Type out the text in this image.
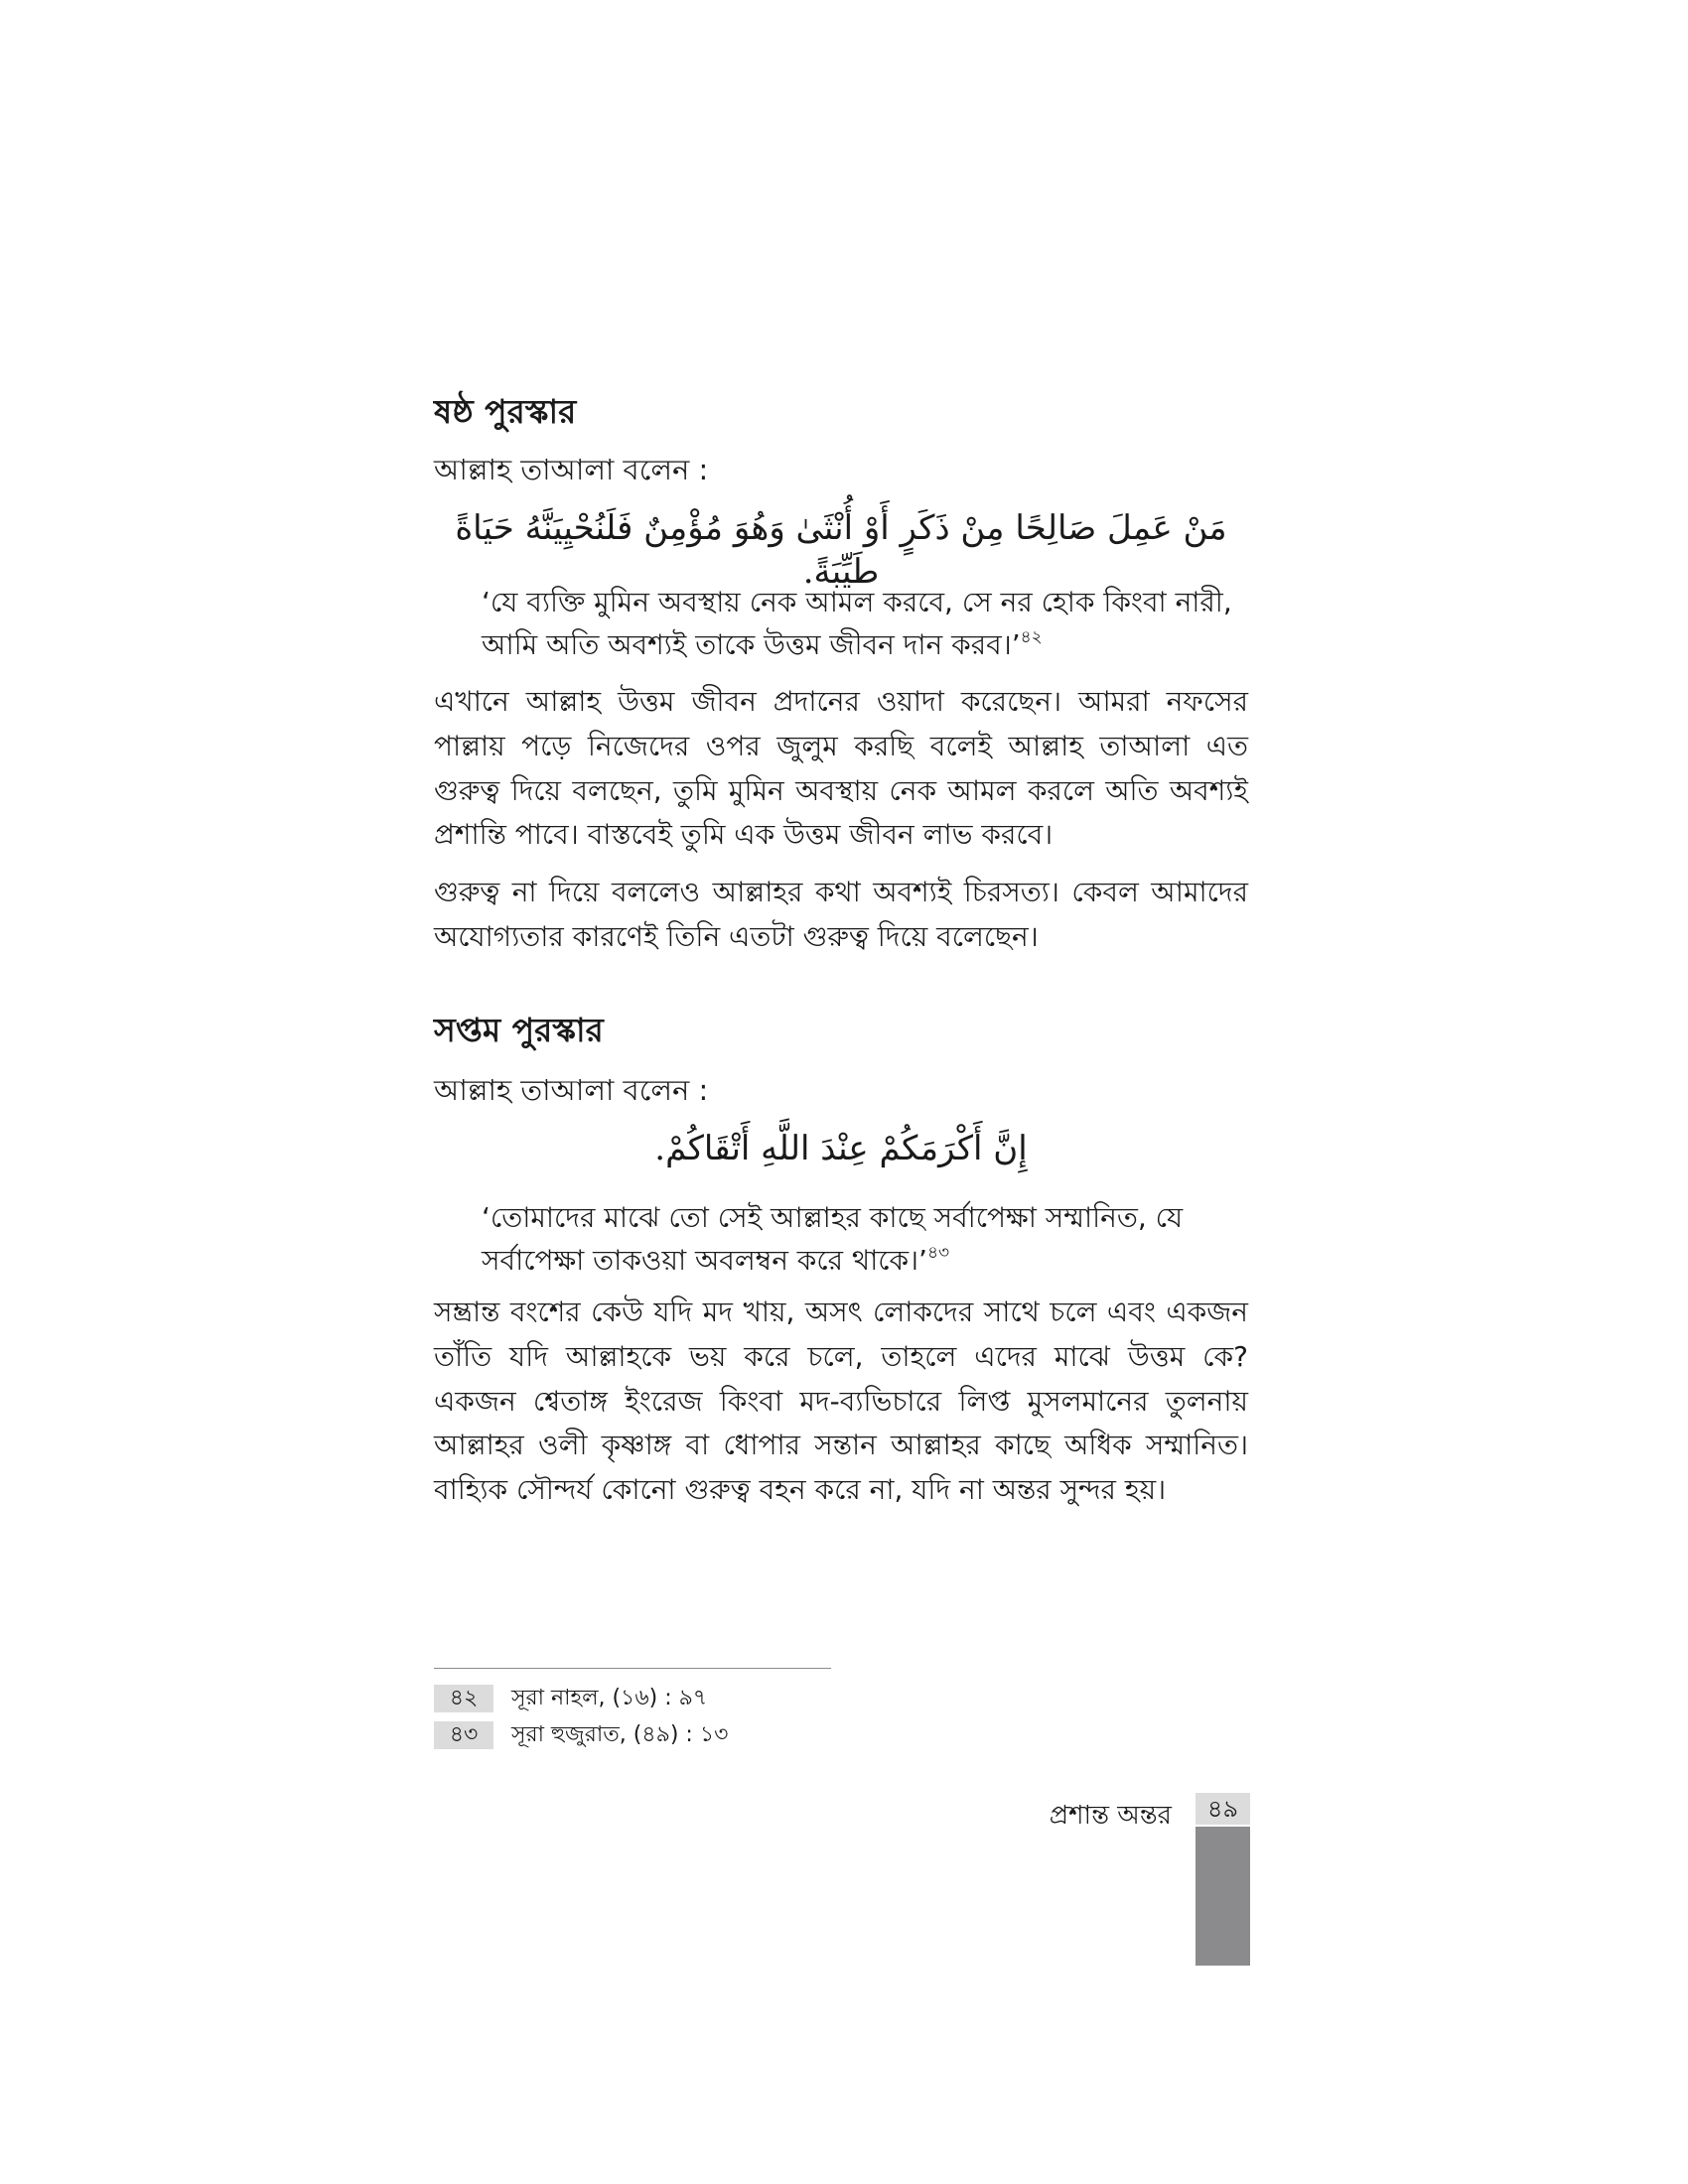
ষষ্ঠ পুরস্কার

আল্লাহ তাআলা বলেন :

مَنْ عَمِلَ صَالِحًا مِنْ ذَكَرٍ أَوْ أُنْثَىٰ وَهُوَ مُؤْمِنٌ فَلَنُحْيِيَنَّهُ حَيَاةً طَيِّبَةً.

‘যে ব্যক্তি মুমিন অবস্থায় নেক আমল করবে, সে নর হোক কিংবা নারী, আমি অতি অবশ্যই তাকে উত্তম জীবন দান করব।’$^{৪২}$

এখানে আল্লাহ উত্তম জীবন প্রদানের ওয়াদা করেছেন। আমরা নফসের পাল্লায় পড়ে নিজেদের ওপর জুলুম করছি বলেই আল্লাহ তাআলা এত গুরুত্ব দিয়ে বলছেন, তুমি মুমিন অবস্থায় নেক আমল করলে অতি অবশ্যই প্রশান্তি পাবে। বাস্তবেই তুমি এক উত্তম জীবন লাভ করবে।

গুরুত্ব না দিয়ে বললেও আল্লাহর কথা অবশ্যই চিরসত্য। কেবল আমাদের অযোগ্যতার কারণেই তিনি এতটা গুরুত্ব দিয়ে বলেছেন।

সপ্তম পুরস্কার

আল্লাহ তাআলা বলেন :

إِنَّ أَكْرَمَكُمْ عِنْدَ اللَّهِ أَتْقَاكُمْ.

‘তোমাদের মাঝে তো সেই আল্লাহর কাছে সর্বাপেক্ষা সম্মানিত, যে সর্বাপেক্ষা তাকওয়া অবলম্বন করে থাকে।’$^{৪৩}$

সম্ভ্রান্ত বংশের কেউ যদি মদ খায়, অসৎ লোকদের সাথে চলে এবং একজন তাঁতি যদি আল্লাহকে ভয় করে চলে, তাহলে এদের মাঝে উত্তম কে? একজন শ্বেতাঙ্গ ইংরেজ কিংবা মদ-ব্যভিচারে লিপ্ত মুসলমানের তুলনায় আল্লাহর ওলী কৃষ্ণাঙ্গ বা ধোপার সন্তান আল্লাহর কাছে অধিক সম্মানিত। বাহ্যিক সৌন্দর্য কোনো গুরুত্ব বহন করে না, যদি না অন্তর সুন্দর হয়।

৪২	সূরা নাহল, (১৬) : ৯৭
৪৩	সূরা হুজুরাত, (৪৯) : ১৩
প্রশান্ত অন্তর	৪৯
